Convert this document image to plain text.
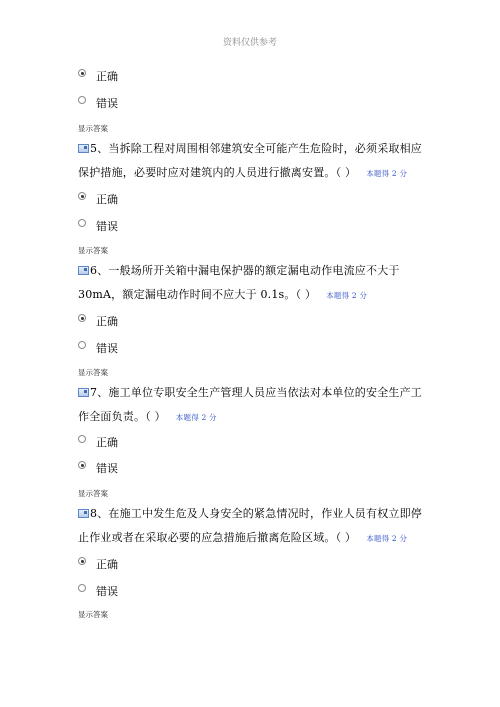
资料仅供参考
正确
错误
显示答案
5、当拆除工程对周围相邻建筑安全可能产生危险时，必须采取相应保护措施，必要时应对建筑内的人员进行撤离安置。（ ） 本题得 2 分
正确
错误
显示答案
6、一般场所开关箱中漏电保护器的额定漏电动作电流应不大于 30mA，额定漏电动作时间不应大于 0.1s。（ ） 本题得 2 分
正确
错误
显示答案
7、施工单位专职安全生产管理人员应当依法对本单位的安全生产工作全面负责。（ ） 本题得 2 分
正确
错误
显示答案
8、在施工中发生危及人身安全的紧急情况时，作业人员有权立即停止作业或者在采取必要的应急措施后撤离危险区域。（ ） 本题得 2 分
正确
错误
显示答案
